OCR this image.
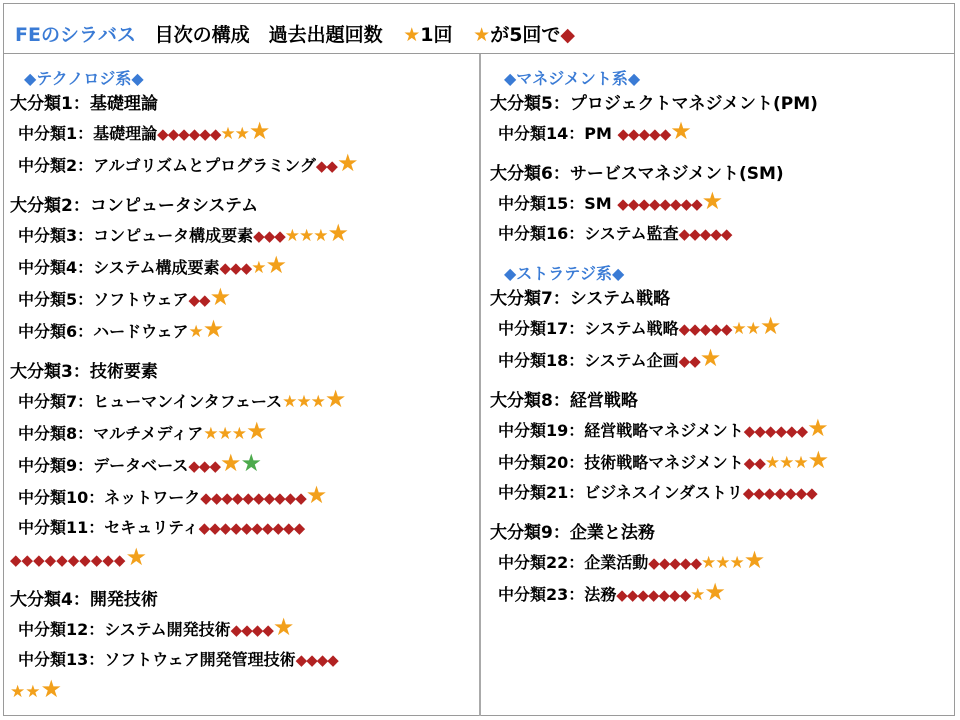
FEのシラバス 目次の構成　過去出題回数 ★1回 ★が5回で◆
◆テクノロジ系◆
大分類1：基礎理論
中分類1：基礎理論◆◆◆◆◆◆★★★
中分類2：アルゴリズムとプログラミング◆◆★
大分類2：コンピュータシステム
中分類3：コンピュータ構成要素◆◆◆★★★★
中分類4：システム構成要素◆◆◆★★
中分類5：ソフトウェア◆◆★
中分類6：ハードウェア★★
大分類3：技術要素
中分類7：ヒューマンインタフェース★★★★
中分類8：マルチメディア★★★★
中分類9：データベース◆◆◆★★
中分類10：ネットワーク◆◆◆◆◆◆◆◆◆◆★
中分類11：セキュリティ◆◆◆◆◆◆◆◆◆◆
◆◆◆◆◆◆◆◆◆◆★
大分類4：開発技術
中分類12：システム開発技術◆◆◆◆★
中分類13：ソフトウェア開発管理技術◆◆◆◆
★★★
◆マネジメント系◆
大分類5：プロジェクトマネジメント(PM)
中分類14：PM ◆◆◆◆◆★
大分類6：サービスマネジメント(SM)
中分類15：SM ◆◆◆◆◆◆◆◆★
中分類16：システム監査◆◆◆◆◆
◆ストラテジ系◆
大分類7：システム戦略
中分類17：システム戦略◆◆◆◆◆★★★
中分類18：システム企画◆◆★
大分類8：経営戦略
中分類19：経営戦略マネジメント◆◆◆◆◆◆★
中分類20：技術戦略マネジメント◆◆★★★★
中分類21：ビジネスインダストリ◆◆◆◆◆◆◆
大分類9：企業と法務
中分類22：企業活動◆◆◆◆◆★★★★
中分類23：法務◆◆◆◆◆◆◆★★
